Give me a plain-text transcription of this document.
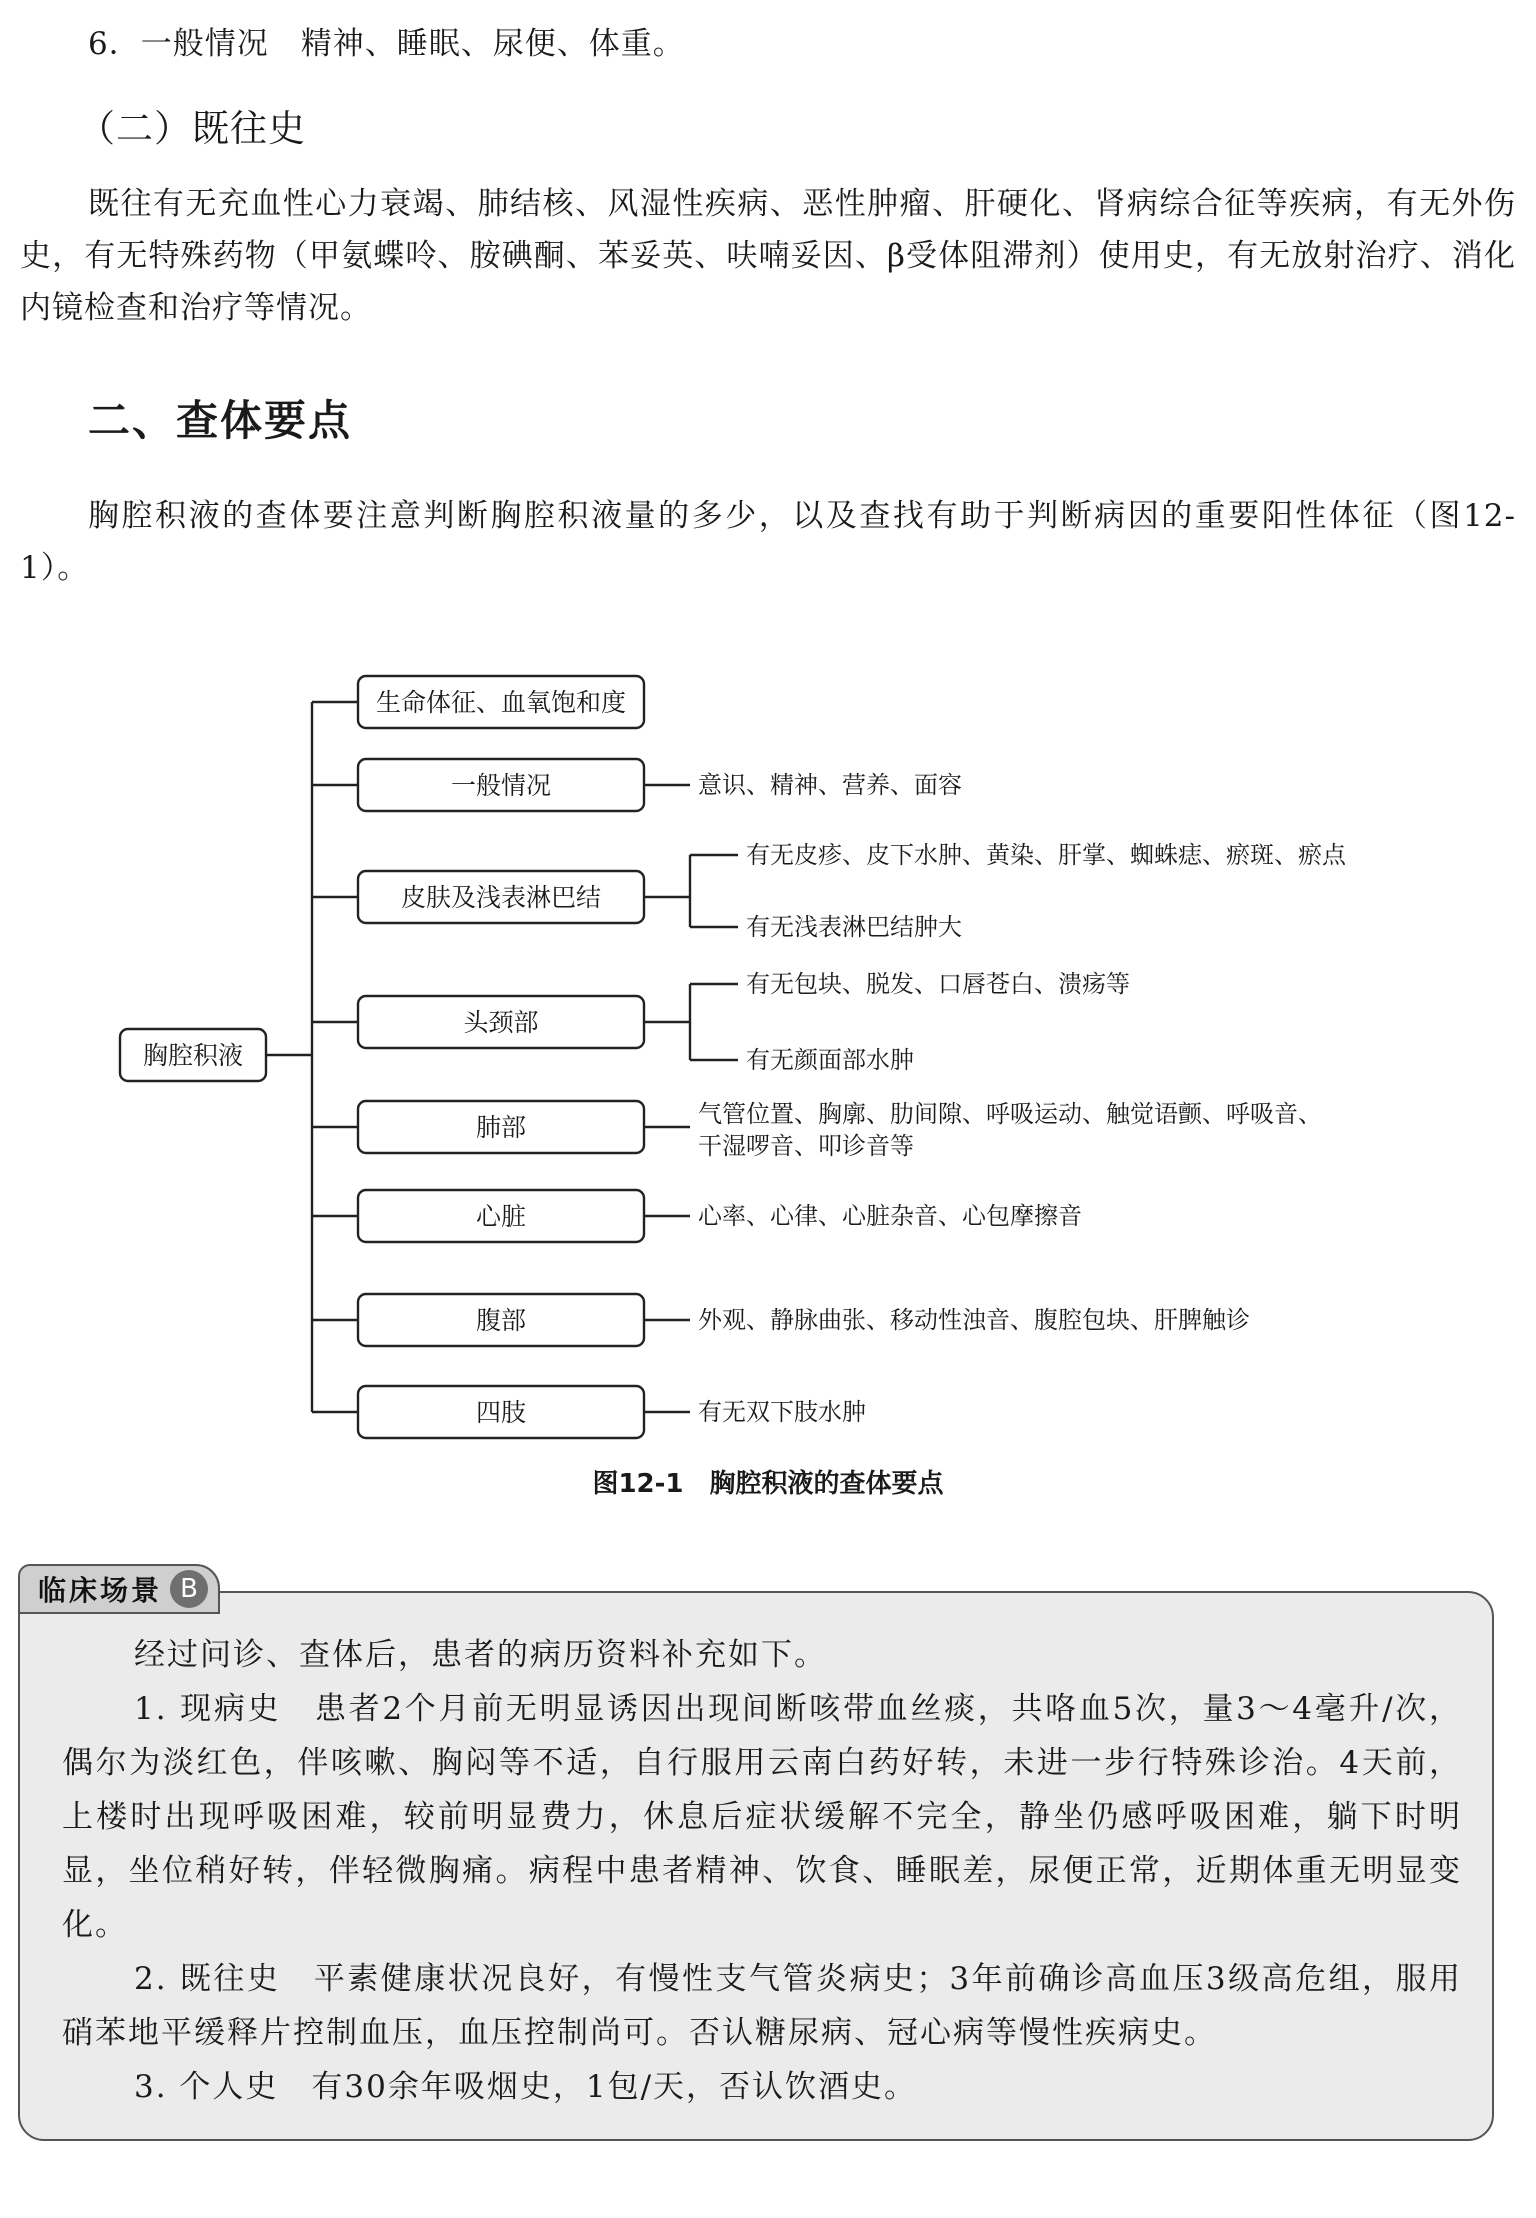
6．一般情况　精神、睡眠、尿便、体重。
（二）既往史
既往有无充血性心力衰竭、肺结核、风湿性疾病、恶性肿瘤、肝硬化、肾病综合征等疾病，有无外伤史，有无特殊药物（甲氨蝶呤、胺碘酮、苯妥英、呋喃妥因、β受体阻滞剂）使用史，有无放射治疗、消化内镜检查和治疗等情况。
二、查体要点
胸腔积液的查体要注意判断胸腔积液量的多少，以及查找有助于判断病因的重要阳性体征（图12-1）。
胸腔积液
生命体征、血氧饱和度
一般情况	意识、精神、营养、面容
皮肤及浅表淋巴结
有无皮疹、皮下水肿、黄染、肝掌、蜘蛛痣、瘀斑、瘀点
有无浅表淋巴结肿大
头颈部
有无包块、脱发、口唇苍白、溃疡等
有无颜面部水肿
肺部	气管位置、胸廓、肋间隙、呼吸运动、触觉语颤、呼吸音、
干湿啰音、叩诊音等
心脏	心率、心律、心脏杂音、心包摩擦音
腹部	外观、静脉曲张、移动性浊音、腹腔包块、肝脾触诊
四肢	有无双下肢水肿
图12-1　胸腔积液的查体要点
临床场景 B

经过问诊、查体后，患者的病历资料补充如下。

1. 现病史　患者2个月前无明显诱因出现间断咳带血丝痰，共咯血5次，量3～4毫升/次，偶尔为淡红色，伴咳嗽、胸闷等不适，自行服用云南白药好转，未进一步行特殊诊治。4天前，上楼时出现呼吸困难，较前明显费力，休息后症状缓解不完全，静坐仍感呼吸困难，躺下时明显，坐位稍好转，伴轻微胸痛。病程中患者精神、饮食、睡眠差，尿便正常，近期体重无明显变化。

2. 既往史　平素健康状况良好，有慢性支气管炎病史；3年前确诊高血压3级高危组，服用硝苯地平缓释片控制血压，血压控制尚可。否认糖尿病、冠心病等慢性疾病史。

3. 个人史　有30余年吸烟史，1包/天，否认饮酒史。
